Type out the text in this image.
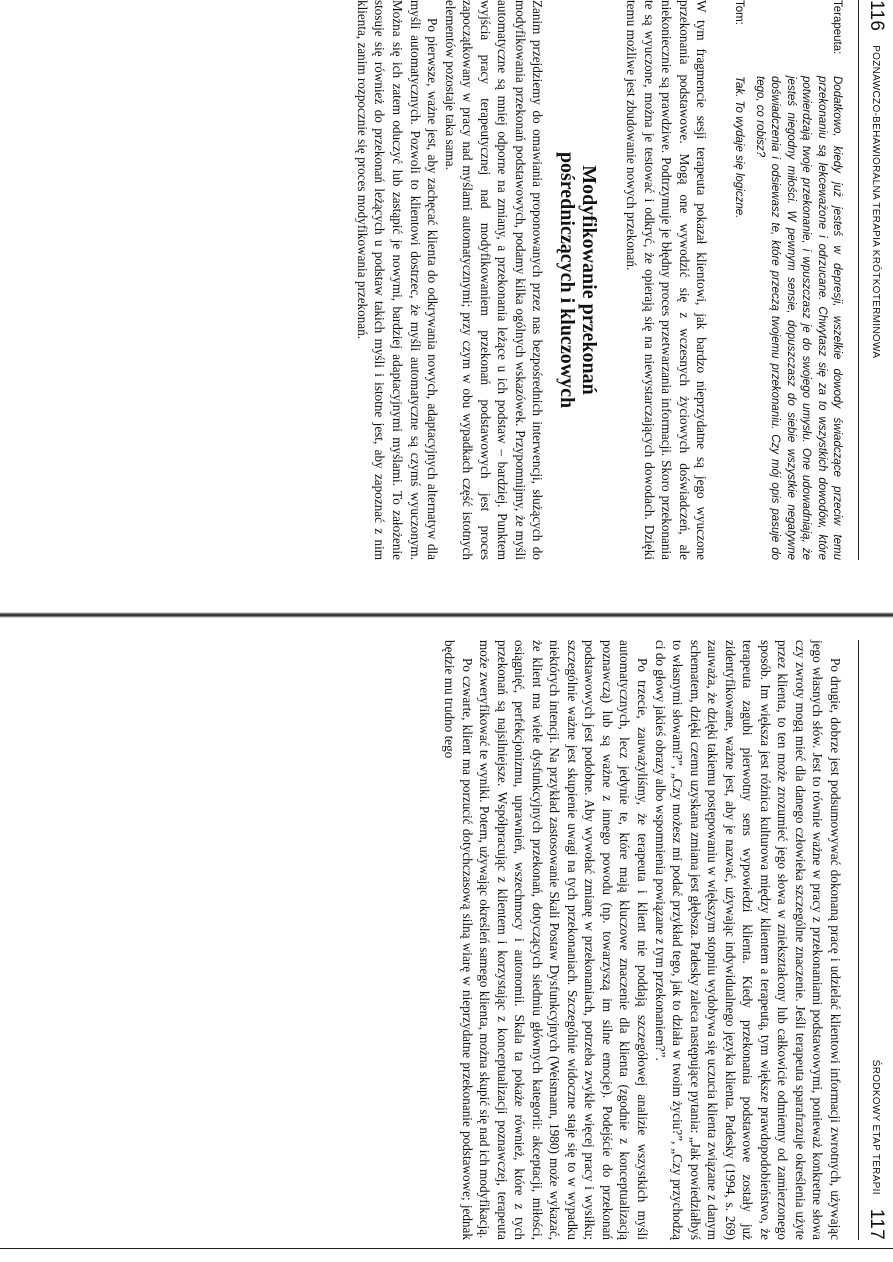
116
POZNAWCZO-BEHAWIORALNA TERAPIA KRÓTKOTERMINOWA
Terapeuta:
Dodatkowo, kiedy już jesteś w depresji, wszelkie dowody świadczące przeciw temu przekonaniu są lekceważone i odrzucane. Chwytasz się za to wszystkich dowodów, które potwierdzają twoje przekonanie, i wpuszczasz je do swojego umysłu. One udowadniają, że jesteś niegodny miłości. W pewnym sensie, dopuszczasz do siebie wszystkie negatywne doświadczenia i odsiewasz te, które przeczą twojemu przekonaniu. Czy mój opis pasuje do tego, co robisz?
Tom:
Tak. To wydaje się logiczne.

W tym fragmencie sesji terapeuta pokazał klientowi, jak bardzo nieprzydatne są jego wyuczone przekonania podstawowe. Mogą one wywodzić się z wczesnych życiowych doświadczeń, ale niekoniecznie są prawdziwe. Podtrzymuje je błędny proces przetwarzania informacji. Skoro przekonania te są wyuczone, można je testować i odkryć, że opierają się na niewystarczających dowodach. Dzięki temu możliwe jest zbudowanie nowych przekonań.

Modyfikowanie przekonań
pośredniczących i kluczowych

Zanim przejdziemy do omawiania proponowanych przez nas bezpośrednich interwencji, służących do modyfikowania przekonań podstawowych, podamy kilka ogólnych wskazówek. Przypomnijmy, że myśli automatyczne są mniej odporne na zmiany, a przekonania leżące u ich podstaw – bardziej. Punktem wyjścia pracy terapeutycznej nad modyfikowaniem przekonań podstawowych jest proces zapoczątkowany w pracy nad myślami automatycznymi; przy czym w obu wypadkach część istotnych elementów pozostaje taka sama.

Po pierwsze, ważne jest, aby zachęcać klienta do odkrywania nowych, adaptacyjnych alternatyw dla myśli automatycznych. Pozwoli to klientowi dostrzec, że myśli automatyczne są czymś wyuczonym. Można się ich zatem oduczyć lub zastąpić je nowymi, bardziej adaptacyjnymi myślami. To założenie stosuje się również do przekonań leżących u podstaw takich myśli i istotne jest, aby zapoznać z nim klienta, zanim rozpocznie się proces modyfikowania przekonań.

ŚRODKOWY ETAP TERAPII
117

Po drugie, dobrze jest podsumowywać dokonaną pracę i udzielać klientowi informacji zwrotnych, używając jego własnych słów. Jest to równie ważne w pracy z przekonaniami podstawowymi, ponieważ konkretne słowa czy zwroty mogą mieć dla danego człowieka szczególne znaczenie. Jeśli terapeuta sparafrazuje określenia użyte przez klienta, to ten może zrozumieć jego słowa w zniekształcony lub całkowicie odmienny od zamierzonego sposób. Im większa jest różnica kulturowa między klientem a terapeutą, tym większe prawdopodobieństwo, że terapeuta zagubi pierwotny sens wypowiedzi klienta. Kiedy przekonania podstawowe zostały już zidentyfikowane, ważne jest, aby je nazwać, używając indywidualnego języka klienta. Padesky (1994, s. 269) zauważa, że dzięki takiemu postępowaniu w większym stopniu wydobywa się uczucia klienta związane z danym schematem, dzięki czemu uzyskana zmiana jest głębsza. Padesky zaleca następujące pytania: „Jak powiedziałbyś to własnymi słowami?”, „Czy możesz mi podać przykład tego, jak to działa w twoim życiu?”, „Czy przychodzą ci do głowy jakieś obrazy albo wspomnienia powiązane z tym przekonaniem?”.

Po trzecie, zauważyliśmy, że terapeuta i klient nie poddają szczegółowej analizie wszystkich myśli automatycznych, lecz jedynie te, które mają kluczowe znaczenie dla klienta (zgodnie z konceptualizacją poznawczą) lub są ważne z innego powodu (np. towarzyszą im silne emocje). Podejście do przekonań podstawowych jest podobne. Aby wywołać zmianę w przekonaniach, potrzeba zwykle więcej pracy i wysiłku; szczególnie ważne jest skupienie uwagi na tych przekonaniach. Szczególnie widoczne staje się to w wypadku niektórych intencji. Na przykład zastosowanie Skali Postaw Dysfunkcyjnych (Weismann, 1980) może wykazać, że klient ma wiele dysfunkcyjnych przekonań, dotyczących siedmiu głównych kategorii: akceptacji, miłości, osiągnięć, perfekcjonizmu, uprawnień, wszechmocy i autonomii. Skala ta pokaże również, które z tych przekonań są najsilniejsze. Współpracując z klientem i korzystając z konceptualizacji poznawczej, terapeuta może zweryfikować te wyniki. Potem, używając określeń samego klienta, można skupić się nad ich modyfikacją.

Po czwarte, klient ma porzucić dotychczasową silną wiarę w nieprzydatne przekonanie podstawowe; jednak będzie mu trudno tego
